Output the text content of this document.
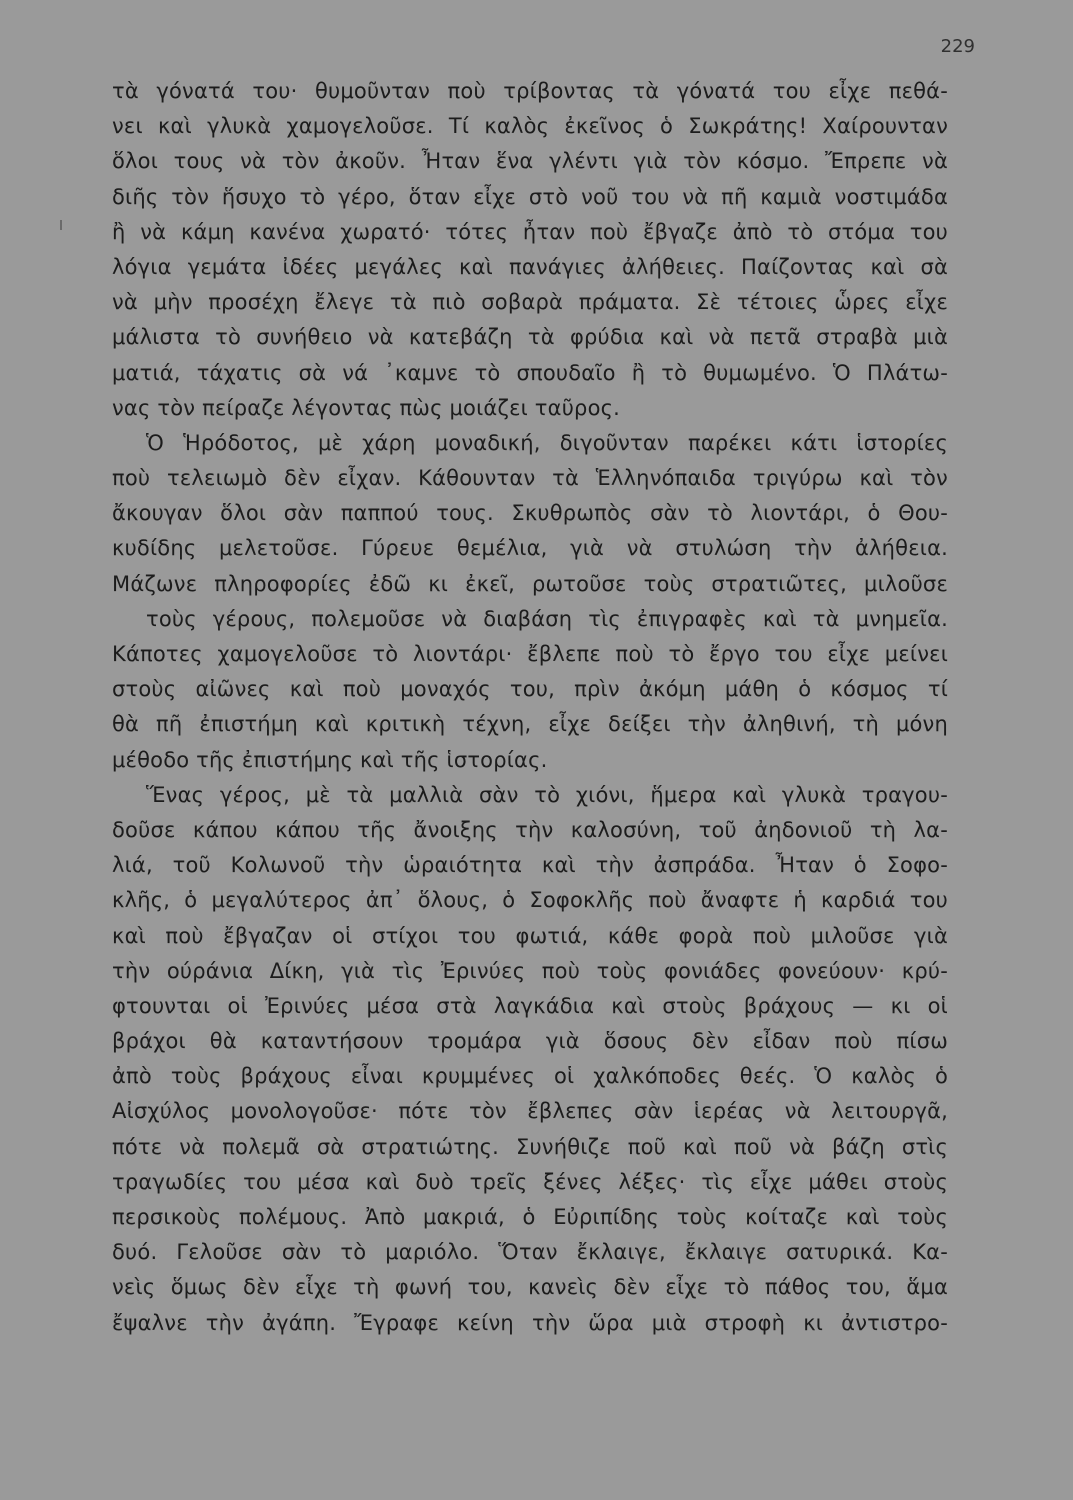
229
τὰ γόνατά του· θυμοῦνταν ποὺ τρίβοντας τὰ γόνατά του εἶχε πεθά-
νει καὶ γλυκὰ χαμογελοῦσε. Τί καλὸς ἐκεῖνος ὁ Σωκράτης! Χαίρουνταν
ὅλοι τους νὰ τὸν ἀκοῦν. Ἦταν ἕνα γλέντι γιὰ τὸν κόσμο. Ἔπρεπε νὰ
διῆς τὸν ἥσυχο τὸ γέρο, ὅταν εἶχε στὸ νοῦ του νὰ πῆ καμιὰ νοστιμάδα
ἢ νὰ κάμη κανένα χωρατό· τότες ἦταν ποὺ ἔβγαζε ἀπὸ τὸ στόμα του
λόγια γεμάτα ἰδέες μεγάλες καὶ πανάγιες ἀλήθειες. Παίζοντας καὶ σὰ
νὰ μὴν προσέχη ἔλεγε τὰ πιὸ σοβαρὰ πράματα. Σὲ τέτοιες ὧρες εἶχε
μάλιστα τὸ συνήθειο νὰ κατεβάζη τὰ φρύδια καὶ νὰ πετᾶ στραβὰ μιὰ
ματιά, τάχατις σὰ νά ᾽καμνε τὸ σπουδαῖο ἢ τὸ θυμωμένο. Ὁ Πλάτω-
νας τὸν πείραζε λέγοντας πὼς μοιάζει ταῦρος.
Ὁ Ἡρόδοτος, μὲ χάρη μοναδική, διγοῦνταν παρέκει κάτι ἱστορίες
ποὺ τελειωμὸ δὲν εἶχαν. Κάθουνταν τὰ Ἑλληνόπαιδα τριγύρω καὶ τὸν
ἄκουγαν ὅλοι σὰν παππού τους. Σκυθρωπὸς σὰν τὸ λιοντάρι, ὁ Θου-
κυδίδης μελετοῦσε. Γύρευε θεμέλια, γιὰ νὰ στυλώση τὴν ἀλήθεια.
Μάζωνε πληροφορίες ἐδῶ κι ἐκεῖ, ρωτοῦσε τοὺς στρατιῶτες, μιλοῦσε
τοὺς γέρους, πολεμοῦσε νὰ διαβάση τὶς ἐπιγραφὲς καὶ τὰ μνημεῖα.
Κάποτες χαμογελοῦσε τὸ λιοντάρι· ἔβλεπε ποὺ τὸ ἔργο του εἶχε μείνει
στοὺς αἰῶνες καὶ ποὺ μοναχός του, πρὶν ἀκόμη μάθη ὁ κόσμος τί
θὰ πῆ ἐπιστήμη καὶ κριτικὴ τέχνη, εἶχε δείξει τὴν ἀληθινή, τὴ μόνη
μέθοδο τῆς ἐπιστήμης καὶ τῆς ἱστορίας.
Ἕνας γέρος, μὲ τὰ μαλλιὰ σὰν τὸ χιόνι, ἥμερα καὶ γλυκὰ τραγου-
δοῦσε κάπου κάπου τῆς ἄνοιξης τὴν καλοσύνη, τοῦ ἀηδονιοῦ τὴ λα-
λιά, τοῦ Κολωνοῦ τὴν ὡραιότητα καὶ τὴν ἀσπράδα. Ἦταν ὁ Σοφο-
κλῆς, ὁ μεγαλύτερος ἀπ᾽ ὅλους, ὁ Σοφοκλῆς ποὺ ἄναφτε ἡ καρδιά του
καὶ ποὺ ἔβγαζαν οἱ στίχοι του φωτιά, κάθε φορὰ ποὺ μιλοῦσε γιὰ
τὴν ούράνια Δίκη, γιὰ τὶς Ἐρινύες ποὺ τοὺς φονιάδες φονεύουν· κρύ-
φτουνται οἱ Ἐρινύες μέσα στὰ λαγκάδια καὶ στοὺς βράχους — κι οἱ
βράχοι θὰ καταντήσουν τρομάρα γιὰ ὅσους δὲν εἶδαν ποὺ πίσω
ἀπὸ τοὺς βράχους εἶναι κρυμμένες οἱ χαλκόποδες θεές. Ὁ καλὸς ὁ
Αἰσχύλος μονολογοῦσε· πότε τὸν ἔβλεπες σὰν ἱερέας νὰ λειτουργᾶ,
πότε νὰ πολεμᾶ σὰ στρατιώτης. Συνήθιζε ποῦ καὶ ποῦ νὰ βάζη στὶς
τραγωδίες του μέσα καὶ δυὸ τρεῖς ξένες λέξες· τὶς εἶχε μάθει στοὺς
περσικοὺς πολέμους. Ἀπὸ μακριά, ὁ Εὐριπίδης τοὺς κοίταζε καὶ τοὺς
δυό. Γελοῦσε σὰν τὸ μαριόλο. Ὅταν ἔκλαιγε, ἔκλαιγε σατυρικά. Κα-
νεὶς ὅμως δὲν εἶχε τὴ φωνή του, κανεὶς δὲν εἶχε τὸ πάθος του, ἅμα
ἔψαλνε τὴν ἀγάπη. Ἔγραφε κείνη τὴν ὥρα μιὰ στροφὴ κι ἀντιστρο-
